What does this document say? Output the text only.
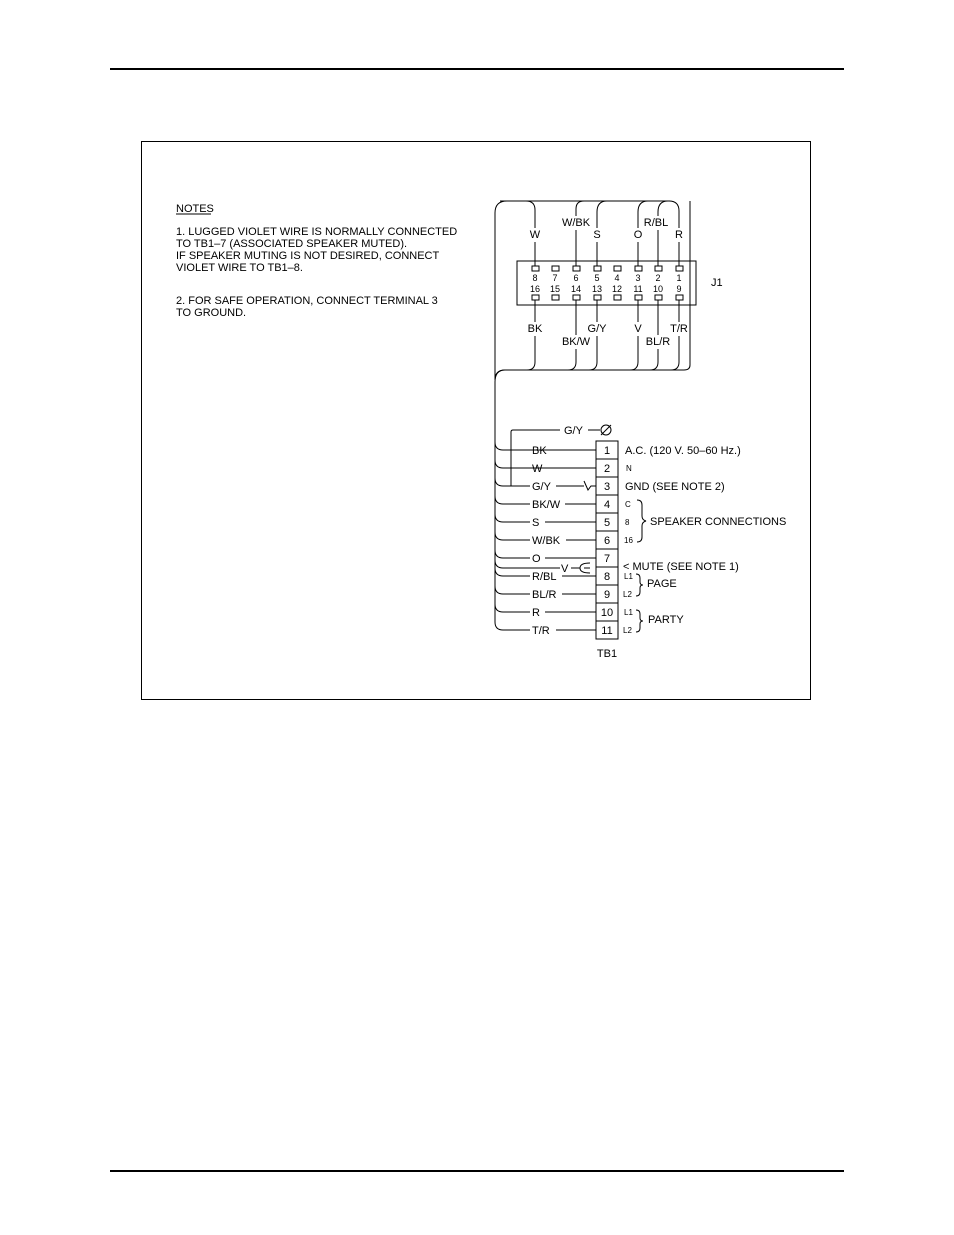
NOTES
1. LUGGED VIOLET WIRE IS NORMALLY CONNECTED
TO TB1–7 (ASSOCIATED SPEAKER MUTED).
IF SPEAKER MUTING IS NOT DESIRED, CONNECT
VIOLET WIRE TO TB1–8.
2. FOR SAFE OPERATION, CONNECT TERMINAL 3
TO GROUND.
J1
8 7 6 5 4 3 2 1
16 15 14 13 12 11 10 9
W
W/BK
S	O
R/BL
R
BK
BK/W
G/Y	V
BL/R
T/R
G/Y
BK
W
G/Y
BK/W
S
W/BK
O
V
R/BL
BL/R
R
T/R
1
2
3
4
5
6
7
8
9
10
11
TB1
A.C. (120 V. 50–60 Hz.)
N
GND (SEE NOTE 2)
C
8
16
SPEAKER CONNECTIONS
< MUTE (SEE NOTE 1)
L1
L2
PAGE
L1
L2
PARTY
